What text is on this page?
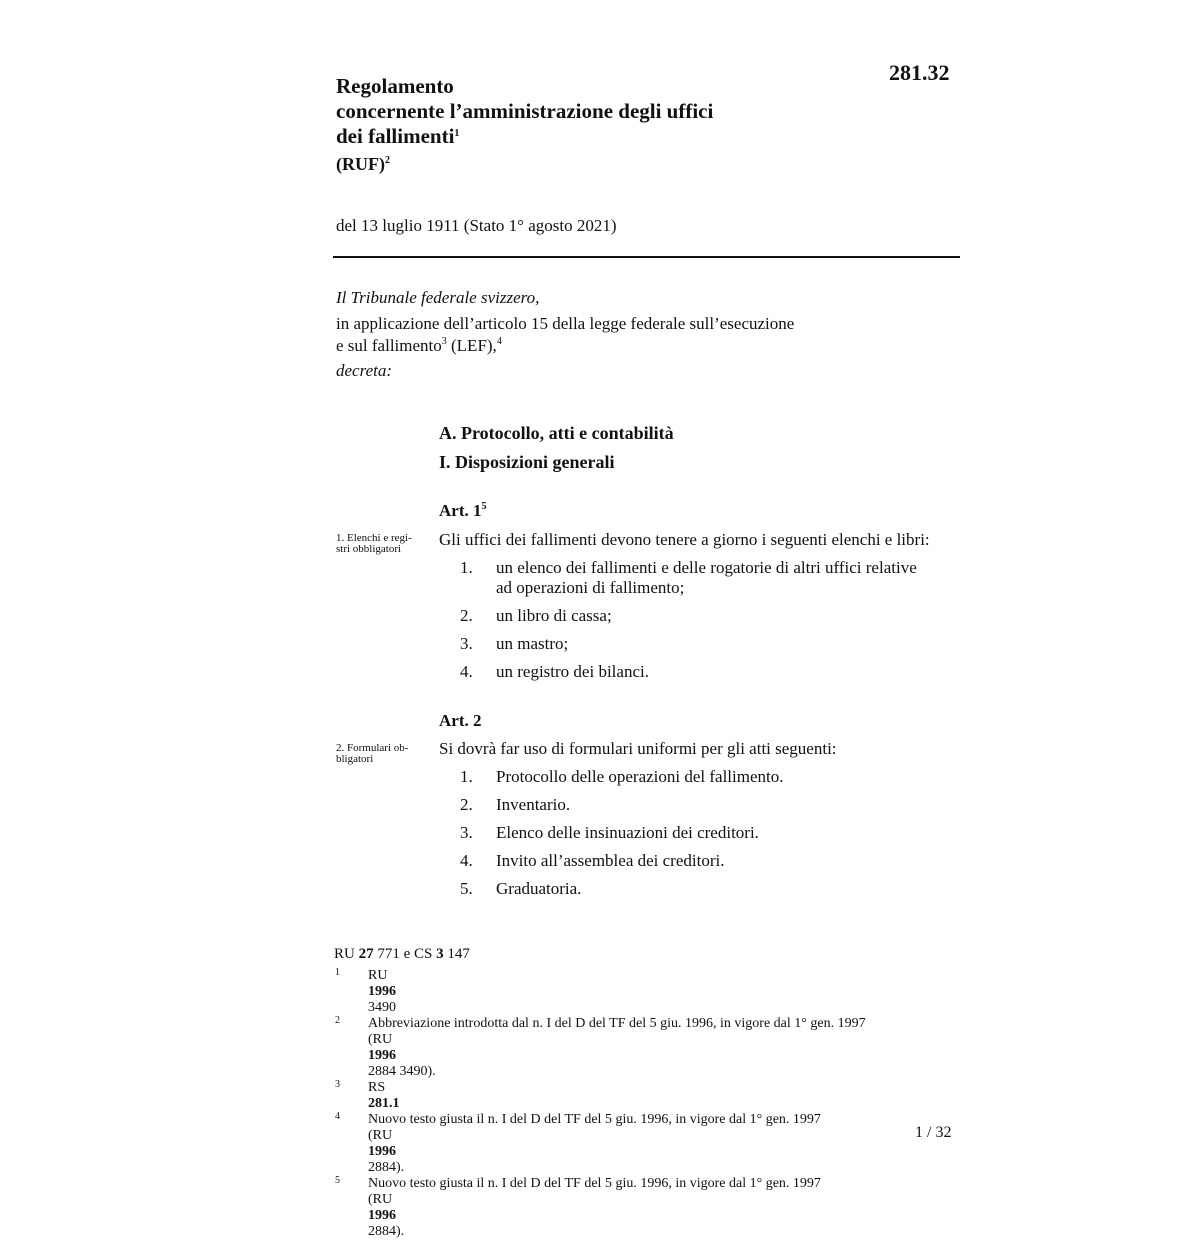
281.32
Regolamento
concernente l’amministrazione degli uffici
dei fallimenti$^1$
(RUF)$^2$
del 13 luglio 1911 (Stato 1° agosto 2021)
Il Tribunale federale svizzero,
in applicazione dell’articolo 15 della legge federale sull’esecuzione
e sul fallimento$^3$ (LEF),$^4$
decreta:
A. Protocollo, atti e contabilità
I. Disposizioni generali
Art. $1^5$
1. Elenchi e regi-
stri obbligatori	Gli uffici dei fallimenti devono tenere a giorno i seguenti elenchi e libri:
1. un elenco dei fallimenti e delle rogatorie di altri uffici relative
ad operazioni di fallimento;
2. un libro di cassa;
3. un mastro;
4. un registro dei bilanci.
Art. 2
2. Formulari ob-
bligatori
Si dovrà far uso di formulari uniformi per gli atti seguenti:
1. Protocollo delle operazioni del fallimento.
2. Inventario.
3. Elenco delle insinuazioni dei creditori.
4. Invito all’assemblea dei creditori.
5. Graduatoria.
RU 27 771 e CS 3 147
1 RU
1996
3490
2 Abbreviazione introdotta dal n. I del D del TF del 5 giu. 1996, in vigore dal 1° gen. 1997
(RU
1996
2884 3490).
3 RS
281.1
4 Nuovo testo giusta il n. I del D del TF del 5 giu. 1996, in vigore dal 1° gen. 1997
(RU
1996
2884).
5 Nuovo testo giusta il n. I del D del TF del 5 giu. 1996, in vigore dal 1° gen. 1997
(RU
1996
2884).
1 / 32
